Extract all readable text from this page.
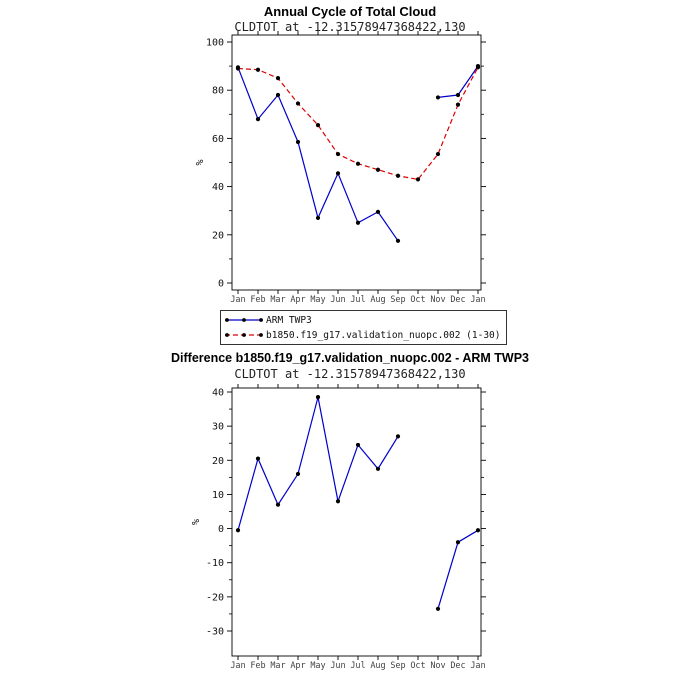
0
20
40
60
80
100
Jan Feb Mar Apr May Jun Jul Aug Sep Oct Nov Dec Jan
%
-30
-20
-10
0
10
20
30
40
Jan Feb Mar Apr May Jun Jul Aug Sep Oct Nov Dec Jan
%
Annual Cycle of Total Cloud
CLDTOT at -12.31578947368422,130
ARM TWP3
b1850.f19_g17.validation_nuopc.002 (1-30)
Difference b1850.f19_g17.validation_nuopc.002 - ARM TWP3
CLDTOT at -12.31578947368422,130
